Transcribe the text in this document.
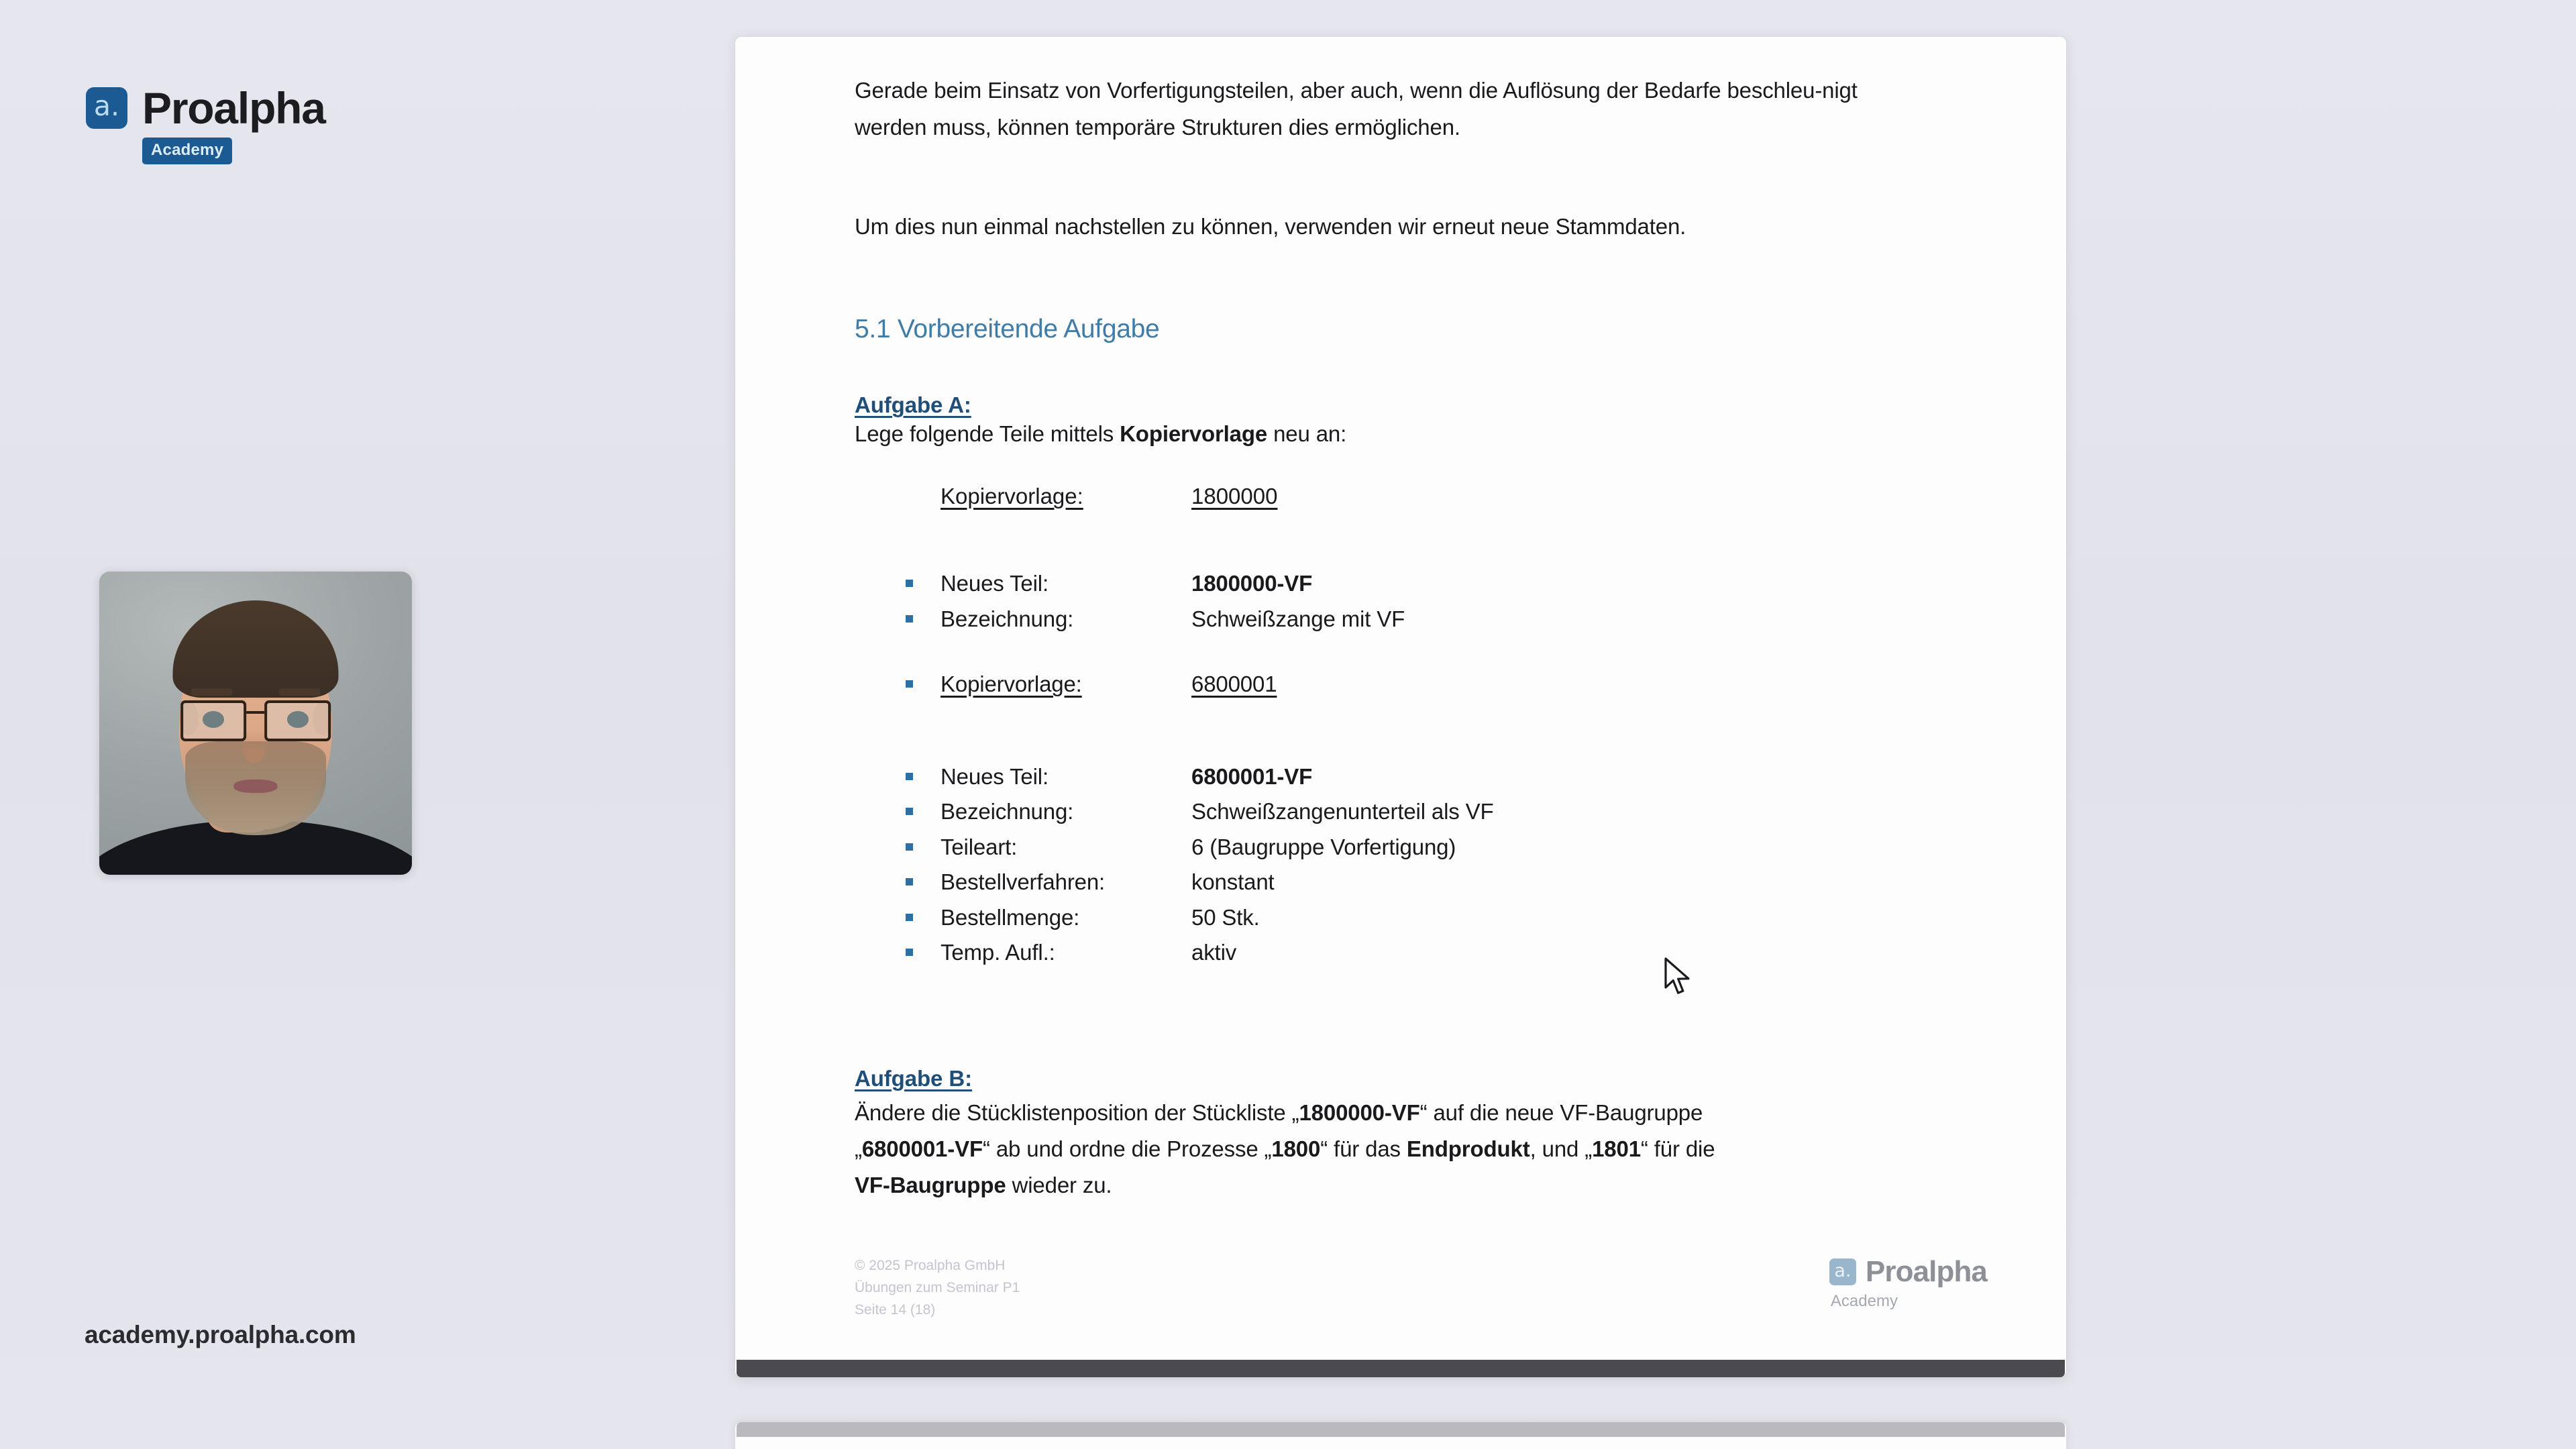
a. Proalpha
Academy
academy.proalpha.com

Gerade beim Einsatz von Vorfertigungsteilen, aber auch, wenn die Auflösung der Bedarfe beschleu-nigt werden muss, können temporäre Strukturen dies ermöglichen.

Um dies nun einmal nachstellen zu können, verwenden wir erneut neue Stammdaten.

5.1 Vorbereitende Aufgabe
Aufgabe A:
Lege folgende Teile mittels Kopiervorlage neu an:
Kopiervorlage:	1800000
Neues Teil:	1800000-VF
Bezeichnung:	Schweißzange mit VF
Kopiervorlage:	6800001
Neues Teil:	6800001-VF
Bezeichnung:	Schweißzangenunterteil als VF
Teileart:	6 (Baugruppe Vorfertigung)
Bestellverfahren:	konstant
Bestellmenge:	50 Stk.
Temp. Aufl.:	aktiv
Aufgabe B:

Ändere die Stücklistenposition der Stückliste „1800000-VF“ auf die neue VF-Baugruppe „6800001-VF“ ab und ordne die Prozesse „1800“ für das Endprodukt, und „1801“ für die VF-Baugruppe wieder zu.

© 2025 Proalpha GmbH
Übungen zum Seminar P1
Seite 14 (18)
a. Proalpha
Academy
